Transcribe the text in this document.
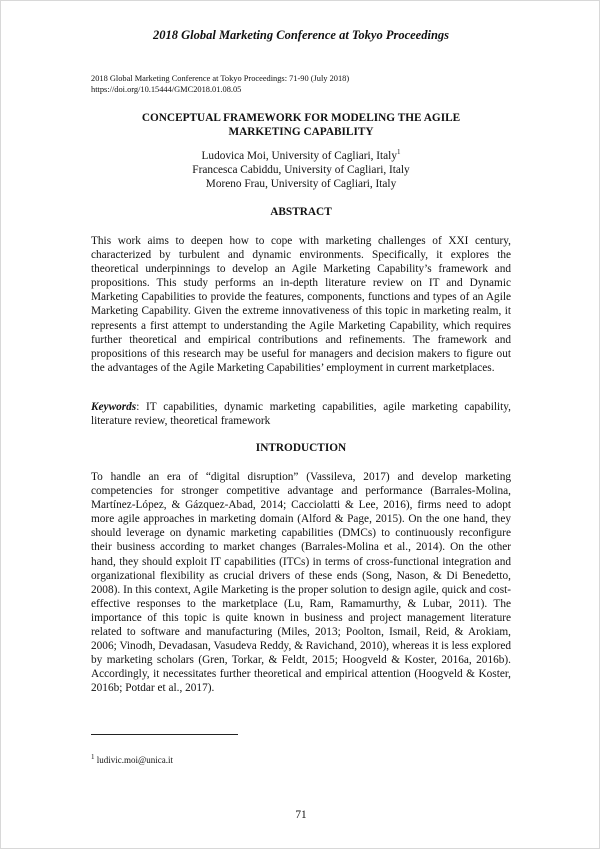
2018 Global Marketing Conference at Tokyo Proceedings
2018 Global Marketing Conference at Tokyo Proceedings: 71-90 (July 2018)
https://doi.org/10.15444/GMC2018.01.08.05
CONCEPTUAL FRAMEWORK FOR MODELING THE AGILE
MARKETING CAPABILITY
Ludovica Moi, University of Cagliari, Italy$^1$
Francesca Cabiddu, University of Cagliari, Italy
Moreno Frau, University of Cagliari, Italy
ABSTRACT
This work aims to deepen how to cope with marketing challenges of XXI century, characterized by turbulent and dynamic environments. Specifically, it explores the theoretical underpinnings to develop an Agile Marketing Capability’s framework and propositions. This study performs an in-depth literature review on IT and Dynamic Marketing Capabilities to provide the features, components, functions and types of an Agile Marketing Capability. Given the extreme innovativeness of this topic in marketing realm, it represents a first attempt to understanding the Agile Marketing Capability, which requires further theoretical and empirical contributions and refinements. The framework and propositions of this research may be useful for managers and decision makers to figure out the advantages of the Agile Marketing Capabilities’ employment in current marketplaces.
Keywords: IT capabilities, dynamic marketing capabilities, agile marketing capability, literature review, theoretical framework
INTRODUCTION
To handle an era of “digital disruption” (Vassileva, 2017) and develop marketing competencies for stronger competitive advantage and performance (Barrales-Molina, Martínez-López, & Gázquez-Abad, 2014; Cacciolatti & Lee, 2016), firms need to adopt more agile approaches in marketing domain (Alford & Page, 2015). On the one hand, they should leverage on dynamic marketing capabilities (DMCs) to continuously reconfigure their business according to market changes (Barrales-Molina et al., 2014). On the other hand, they should exploit IT capabilities (ITCs) in terms of cross-functional integration and organizational flexibility as crucial drivers of these ends (Song, Nason, & Di Benedetto, 2008). In this context, Agile Marketing is the proper solution to design agile, quick and cost-effective responses to the marketplace (Lu, Ram, Ramamurthy, & Lubar, 2011). The importance of this topic is quite known in business and project management literature related to software and manufacturing (Miles, 2013; Poolton, Ismail, Reid, & Arokiam, 2006; Vinodh, Devadasan, Vasudeva Reddy, & Ravichand, 2010), whereas it is less explored by marketing scholars (Gren, Torkar, & Feldt, 2015; Hoogveld & Koster, 2016a, 2016b). Accordingly, it necessitates further theoretical and empirical attention (Hoogveld & Koster, 2016b; Potdar et al., 2017).
$^1$ ludivic.moi@unica.it
71
